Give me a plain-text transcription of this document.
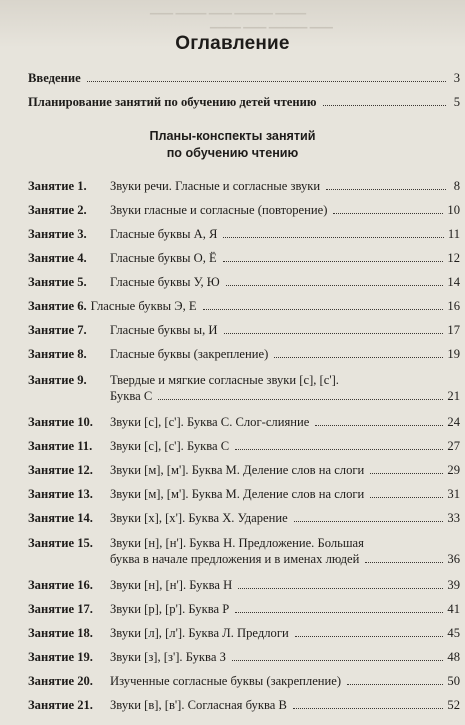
▁▁▁ ▁▁▁▁ ▁▁▁ ▁▁▁▁▁ ▁▁▁▁
▁▁▁▁ ▁▁▁ ▁▁▁▁▁ ▁▁▁
Оглавление
Введение	3
Планирование занятий по обучению детей чтению	5
Планы-конспекты занятий
по обучению чтению
Занятие 1.	Звуки речи. Гласные и согласные звуки	8
Занятие 2.	Звуки гласные и согласные (повторение)	10
Занятие 3.	Гласные буквы А, Я	11
Занятие 4.	Гласные буквы О, Ё	12
Занятие 5.	Гласные буквы У, Ю	14
Занятие 6. Гласные буквы Э, Е	16
Занятие 7.	Гласные буквы ы, И	17
Занятие 8.	Гласные буквы (закрепление)	19
Занятие 9.	Твердые и мягкие согласные звуки [с], [с'].
Буква С	21
Занятие 10.	Звуки [с], [с']. Буква С. Слог-слияние	24
Занятие 11.	Звуки [с], [с']. Буква С	27
Занятие 12.	Звуки [м], [м']. Буква М. Деление слов на слоги	29
Занятие 13.	Звуки [м], [м']. Буква М. Деление слов на слоги	31
Занятие 14.	Звуки [х], [х']. Буква Х. Ударение	33
Занятие 15.	Звуки [н], [н']. Буква Н. Предложение. Большая
буква в начале предложения и в именах людей	36
Занятие 16.	Звуки [н], [н']. Буква Н	39
Занятие 17.	Звуки [р], [р']. Буква Р	41
Занятие 18.	Звуки [л], [л']. Буква Л. Предлоги	45
Занятие 19.	Звуки [з], [з']. Буква З	48
Занятие 20.	Изученные согласные буквы (закрепление)	50
Занятие 21.	Звуки [в], [в']. Согласная буква В	52
